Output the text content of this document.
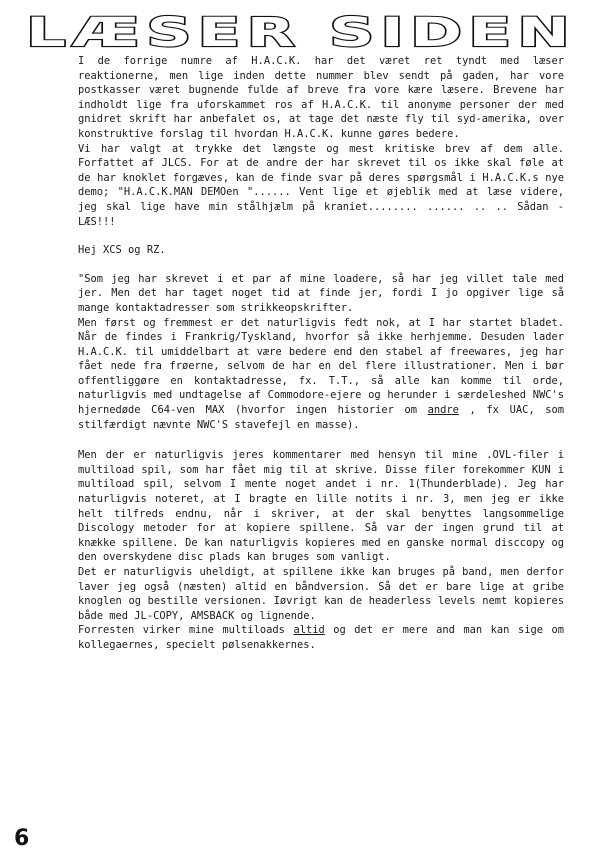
LÆSER SIDEN

I de forrige numre af H.A.C.K. har det været ret tyndt med læser reaktionerne, men lige inden dette nummer blev sendt på gaden, har vore postkasser været bugnende fulde af breve fra vore kære læsere. Brevene har indholdt lige fra uforskammet ros af H.A.C.K. til anonyme personer der med gnidret skrift har anbefalet os, at tage det næste fly til syd-amerika, over konstruktive forslag til hvordan H.A.C.K. kunne gøres bedere.

Vi har valgt at trykke det længste og mest kritiske brev af dem alle. Forfattet af JLCS. For at de andre der har skrevet til os ikke skal føle at de har knoklet forgæves, kan de finde svar på deres spørgsmål i H.A.C.K.s nye demo; "H.A.C.K.MAN DEMOen "...... Vent lige et øjeblik med at læse videre, jeg skal lige have min stålhjælm på kraniet........ ...... .. .. Sådan - LÆS!!!

Hej XCS og RZ.

"Som jeg har skrevet i et par af mine loadere, så har jeg villet tale med jer. Men det har taget noget tid at finde jer, fordi I jo opgiver lige så mange kontaktadresser som strikkeopskrifter.

Men først og fremmest er det naturligvis fedt nok, at I har startet bladet. Når de findes i Frankrig/Tyskland, hvorfor så ikke herhjemme. Desuden lader H.A.C.K. til umiddelbart at være bedere end den stabel af freewares, jeg har fået nede fra frøerne, selvom de har en del flere illustrationer. Men i bør offentliggøre en kontaktadresse, fx. T.T., så alle kan komme til orde, naturligvis med undtagelse af Commodore-ejere og herunder i særdeleshed NWC's hjernedøde C64-ven MAX (hvorfor ingen historier om andre , fx UAC, som stilfærdigt nævnte NWC'S stavefejl en masse).

Men der er naturligvis jeres kommentarer med hensyn til mine .OVL-filer i multiload spil, som har fået mig til at skrive. Disse filer forekommer KUN i multiload spil, selvom I mente noget andet i nr. 1(Thunderblade). Jeg har naturligvis noteret, at I bragte en lille notits i nr. 3, men jeg er ikke helt tilfreds endnu, når i skriver, at der skal benyttes langsommelige Discology metoder for at kopiere spillene. Så var der ingen grund til at knække spillene. De kan naturligvis kopieres med en ganske normal disccopy og den overskydene disc plads kan bruges som vanligt.

Det er naturligvis uheldigt, at spillene ikke kan bruges på band, men derfor laver jeg også (næsten) altid en båndversion. Så det er bare lige at gribe knoglen og bestille versionen. Iøvrigt kan de headerless levels nemt kopieres både med JL-COPY, AMSBACK og lignende.

Forresten virker mine multiloads altid og det er mere and man kan sige om kollegaernes, specielt pølsenakkernes.

6
